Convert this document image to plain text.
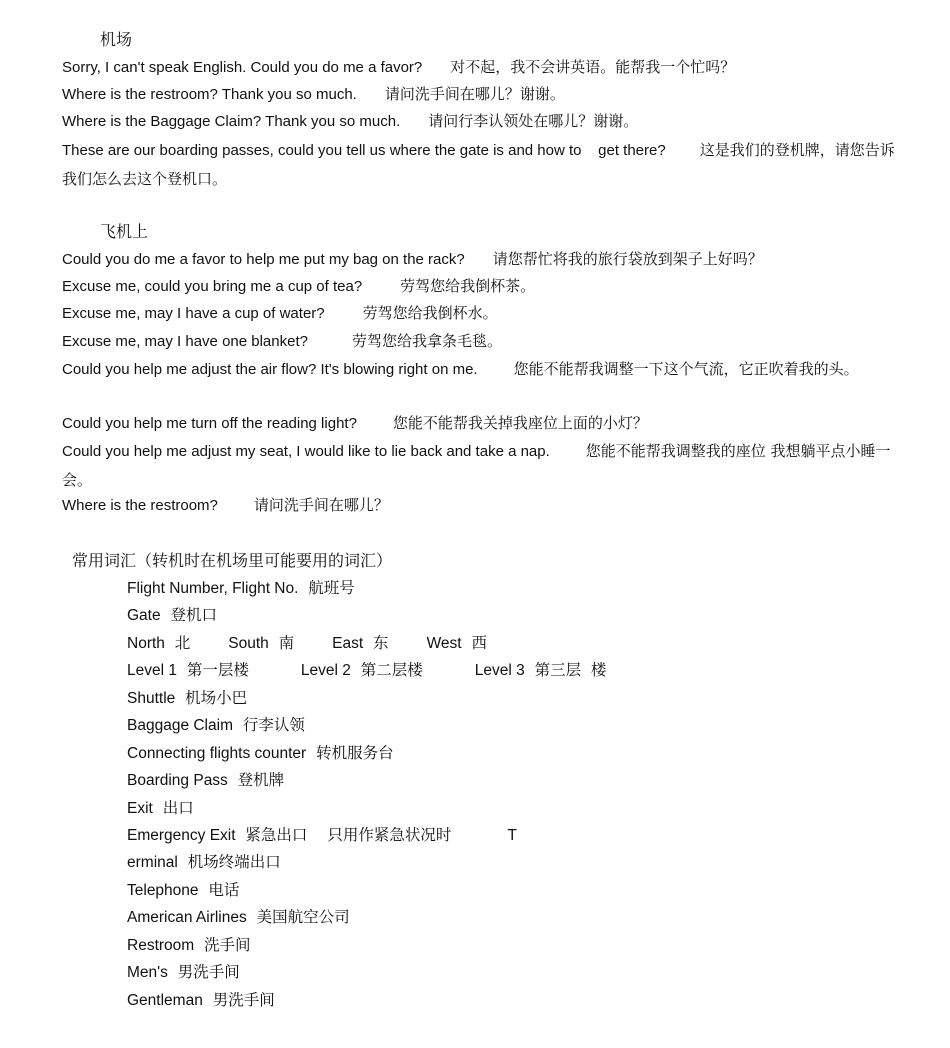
机场
Sorry, I can't speak English. Could you do me a favor? 对不起，我不会讲英语。能帮我一个忙吗？
Where is the restroom? Thank you so much. 请问洗手间在哪儿？谢谢。
Where is the Baggage Claim? Thank you so much. 请问行李认领处在哪儿？谢谢。
These are our boarding passes, could you tell us where the gate is and how to    get there? 这是我们的登机牌，请您告诉我们怎么去这个登机口。
飞机上
Could you do me a favor to help me put my bag on the rack? 请您帮忙将我的旅行袋放到架子上好吗？
Excuse me, could you bring me a cup of tea?	劳驾您给我倒杯茶。
Excuse me, may I have a cup of water?	劳驾您给我倒杯水。
Excuse me, may I have one blanket?	劳驾您给我拿条毛毯。
Could you help me adjust the air flow? It's blowing right on me. 您能不能帮我调整一下这个气流，它正吹着我的头。
Could you help me turn off the reading light? 您能不能帮我关掉我座位上面的小灯？
Could you help me adjust my seat, I would like to lie back and take a nap. 您能不能帮我调整我的座位 我想躺平点小睡一会。
Where is the restroom? 请问洗手间在哪儿？
常用词汇（转机时在机场里可能要用的词汇）
Flight Number, Flight No. 航班号
Gate 登机口
North 北 South 南 East 东 West 西
Level 1 第一层楼	Level 2 第二层楼	Level 3 第三层  楼
Shuttle 机场小巴
Baggage Claim 行李认领
Connecting flights counter 转机服务台
Boarding Pass 登机牌
Exit 出口
Emergency Exit 紧急出口 只用作紧急状况时	T
erminal 机场终端出口
Telephone 电话
American Airlines 美国航空公司
Restroom 洗手间
Men's 男洗手间
Gentleman 男洗手间
